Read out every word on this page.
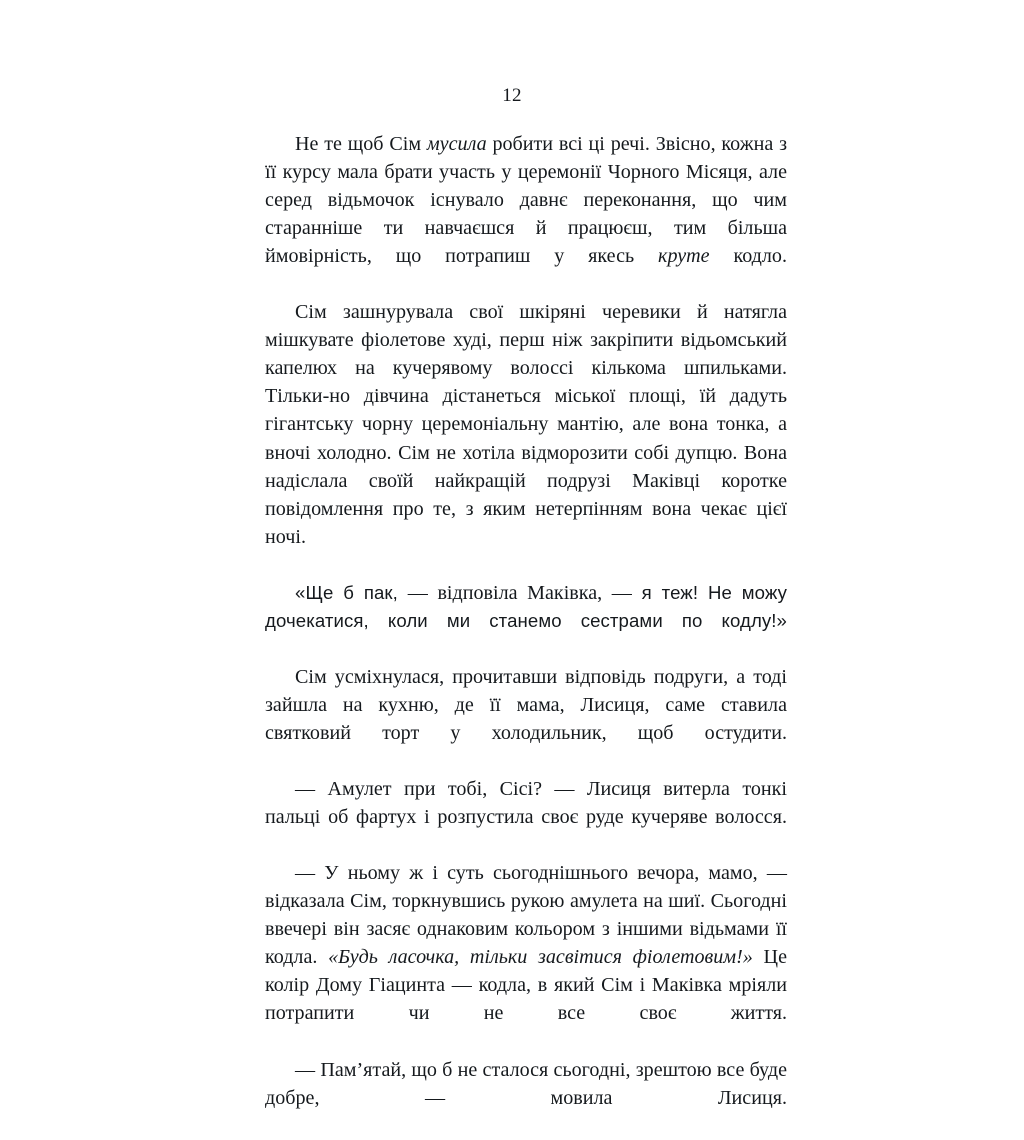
12

Не те щоб Сім мусила робити всі ці речі. Звісно, кожна з її курсу мала брати участь у церемонії Чорного Місяця, але серед відьмочок існувало давнє переконання, що чим старанніше ти навчаєшся й працюєш, тим більша ймовірність, що потрапиш у якесь круте кодло.

Сім зашнурувала свої шкіряні черевики й натягла мішкувате фіолетове худі, перш ніж закріпити відьомський капелюх на кучерявому волоссі кількома шпильками. Тільки-но дівчина дістанеться міської площі, їй дадуть гігантську чорну церемоніальну мантію, але вона тонка, а вночі холодно. Сім не хотіла відморозити собі дупцю. Вона надіслала своїй найкращій подрузі Маківці коротке повідомлення про те, з яким нетерпінням вона чекає цієї ночі.

«Ще б пак, — відповіла Маківка, — я теж! Не можу дочекатися, коли ми станемо сестрами по кодлу!»

Сім усміхнулася, прочитавши відповідь подруги, а тоді зайшла на кухню, де її мама, Лисиця, саме ставила святковий торт у холодильник, щоб остудити.

— Амулет при тобі, Сісі? — Лисиця витерла тонкі пальці об фартух і розпустила своє руде кучеряве волосся.

— У ньому ж і суть сьогоднішнього вечора, мамо, — відказала Сім, торкнувшись рукою амулета на шиї. Сьогодні ввечері він засяє однаковим кольором з іншими відьмами її кодла. «Будь ласочка, тільки засвітися фіолетовим!» Це колір Дому Гіацинта — кодла, в який Сім і Маківка мріяли потрапити чи не все своє життя.

— Пам’ятай, що б не сталося сьогодні, зрештою все буде добре, — мовила Лисиця.
